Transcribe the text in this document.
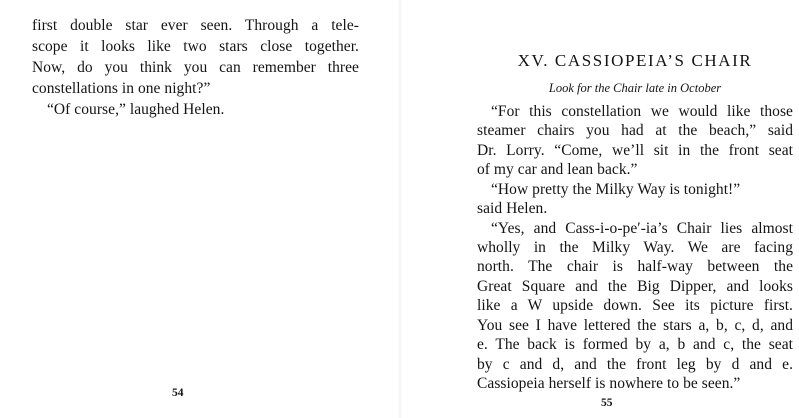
first double star ever seen. Through a tele-
scope it looks like two stars close together.
Now, do you think you can remember three
constellations in one night?”
“Of course,” laughed Helen.
54
XV. CASSIOPEIA’S CHAIR
Look for the Chair late in October
“For this constellation we would like those
steamer chairs you had at the beach,” said
Dr. Lorry. “Come, we’ll sit in the front seat
of my car and lean back.”
“How pretty the Milky Way is tonight!”
said Helen.
“Yes, and Cass-i-o-pe′-ia’s Chair lies almost
wholly in the Milky Way. We are facing
north. The chair is half-way between the
Great Square and the Big Dipper, and looks
like a W upside down. See its picture first.
You see I have lettered the stars a, b, c, d, and
e. The back is formed by a, b and c, the seat
by c and d, and the front leg by d and e.
Cassiopeia herself is nowhere to be seen.”
55
